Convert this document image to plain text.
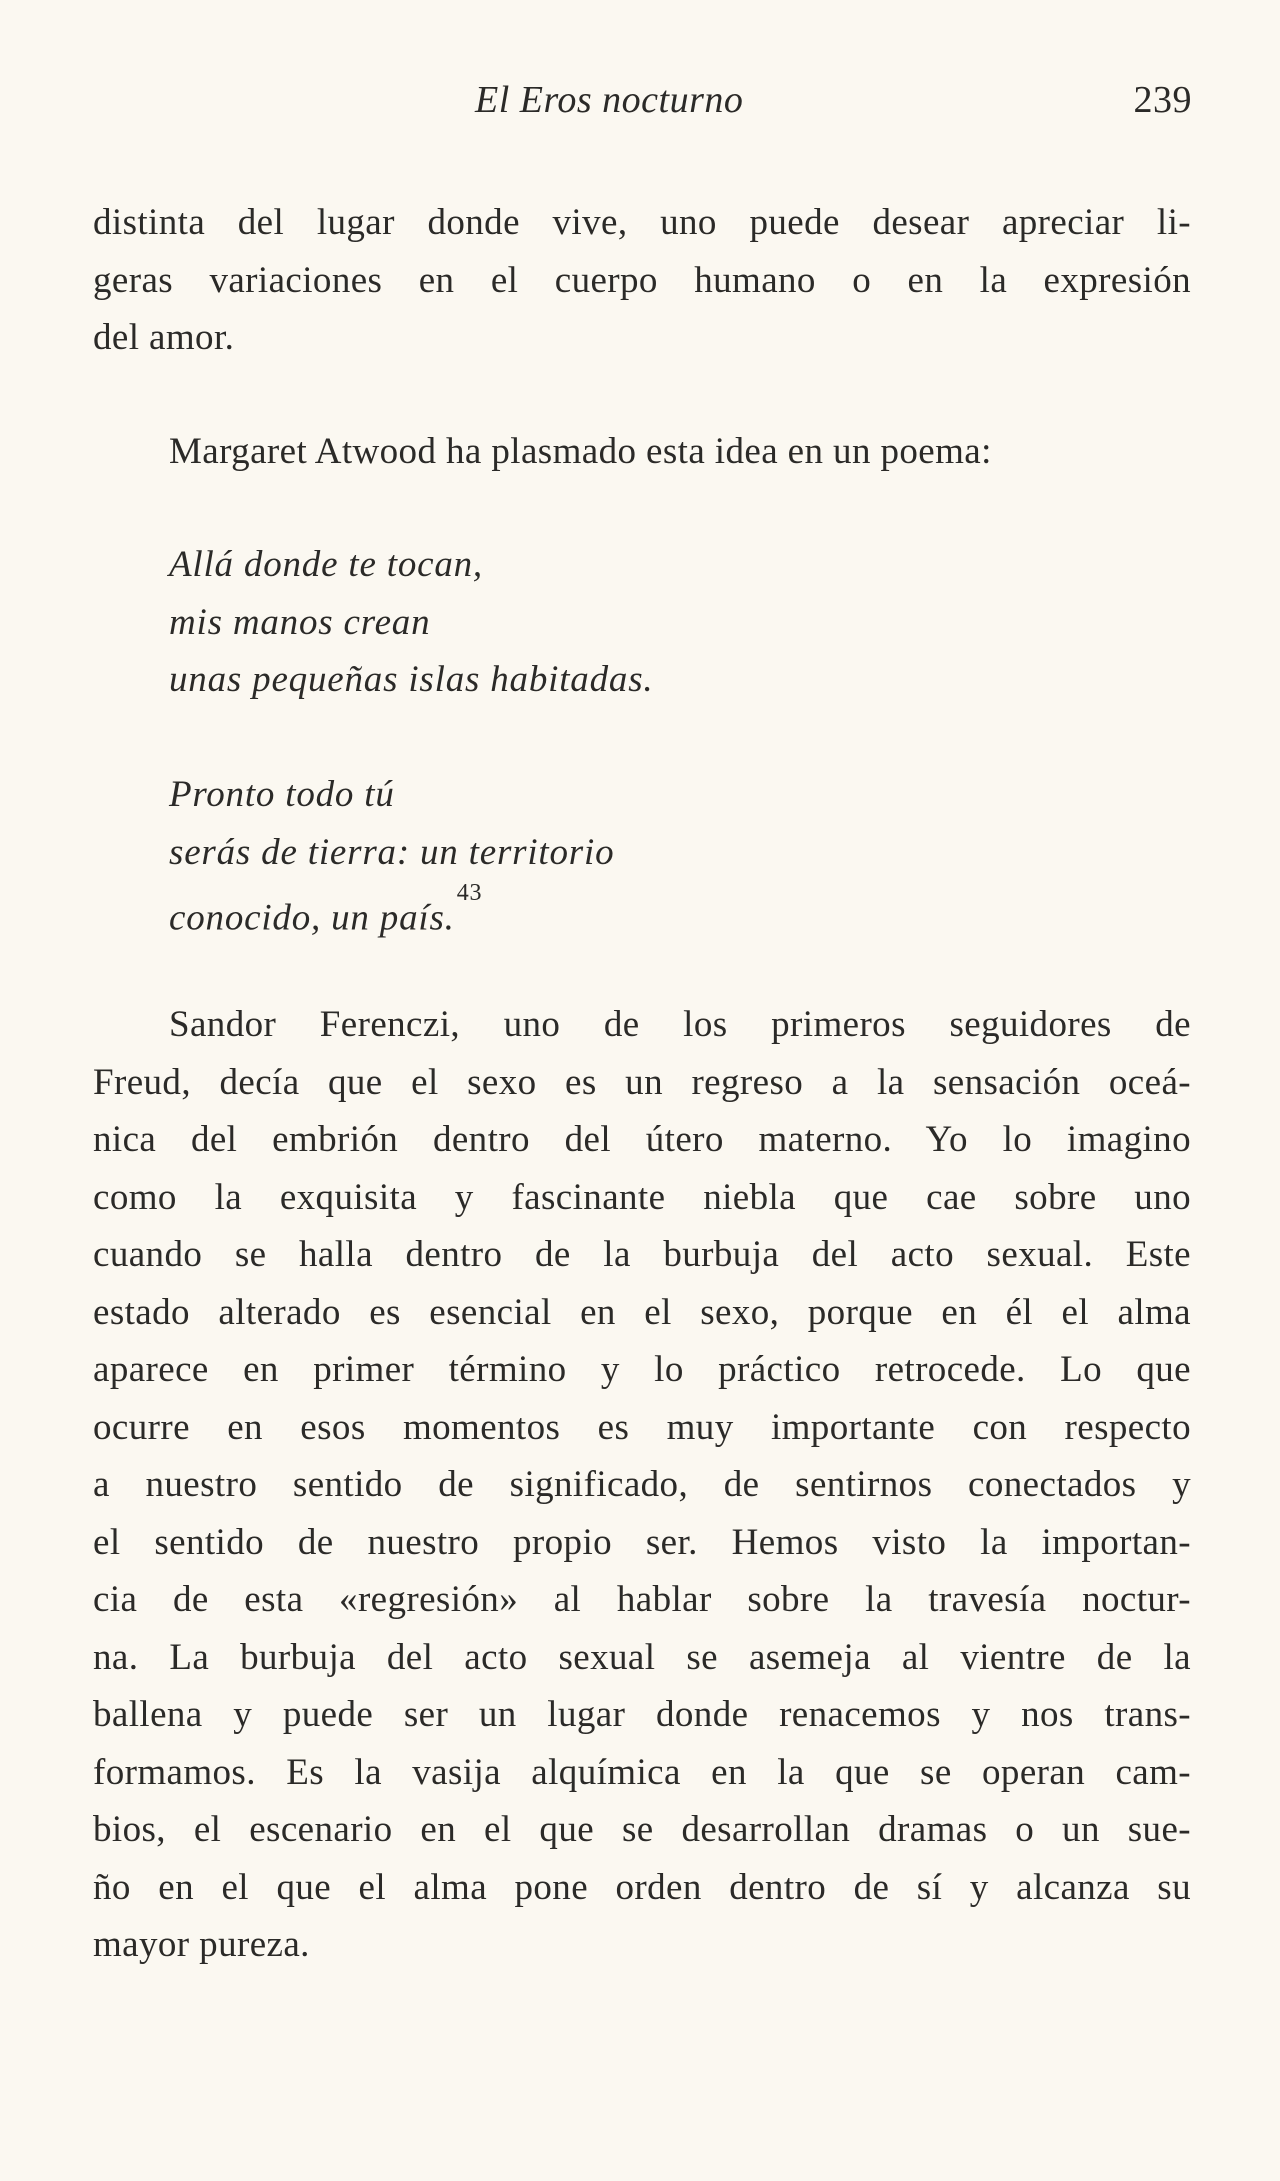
El Eros nocturno	239
distinta del lugar donde vive, uno puede desear apreciar li-
geras variaciones en el cuerpo humano o en la expresión
del amor.
Margaret Atwood ha plasmado esta idea en un poema:
Allá donde te tocan,
mis manos crean
unas pequeñas islas habitadas.
Pronto todo tú
serás de tierra: un territorio
conocido, un país.$^{43}$
Sandor Ferenczi, uno de los primeros seguidores de
Freud, decía que el sexo es un regreso a la sensación oceá-
nica del embrión dentro del útero materno. Yo lo imagino
como la exquisita y fascinante niebla que cae sobre uno
cuando se halla dentro de la burbuja del acto sexual. Este
estado alterado es esencial en el sexo, porque en él el alma
aparece en primer término y lo práctico retrocede. Lo que
ocurre en esos momentos es muy importante con respecto
a nuestro sentido de significado, de sentirnos conectados y
el sentido de nuestro propio ser. Hemos visto la importan-
cia de esta «regresión» al hablar sobre la travesía noctur-
na. La burbuja del acto sexual se asemeja al vientre de la
ballena y puede ser un lugar donde renacemos y nos trans-
formamos. Es la vasija alquímica en la que se operan cam-
bios, el escenario en el que se desarrollan dramas o un sue-
ño en el que el alma pone orden dentro de sí y alcanza su
mayor pureza.
